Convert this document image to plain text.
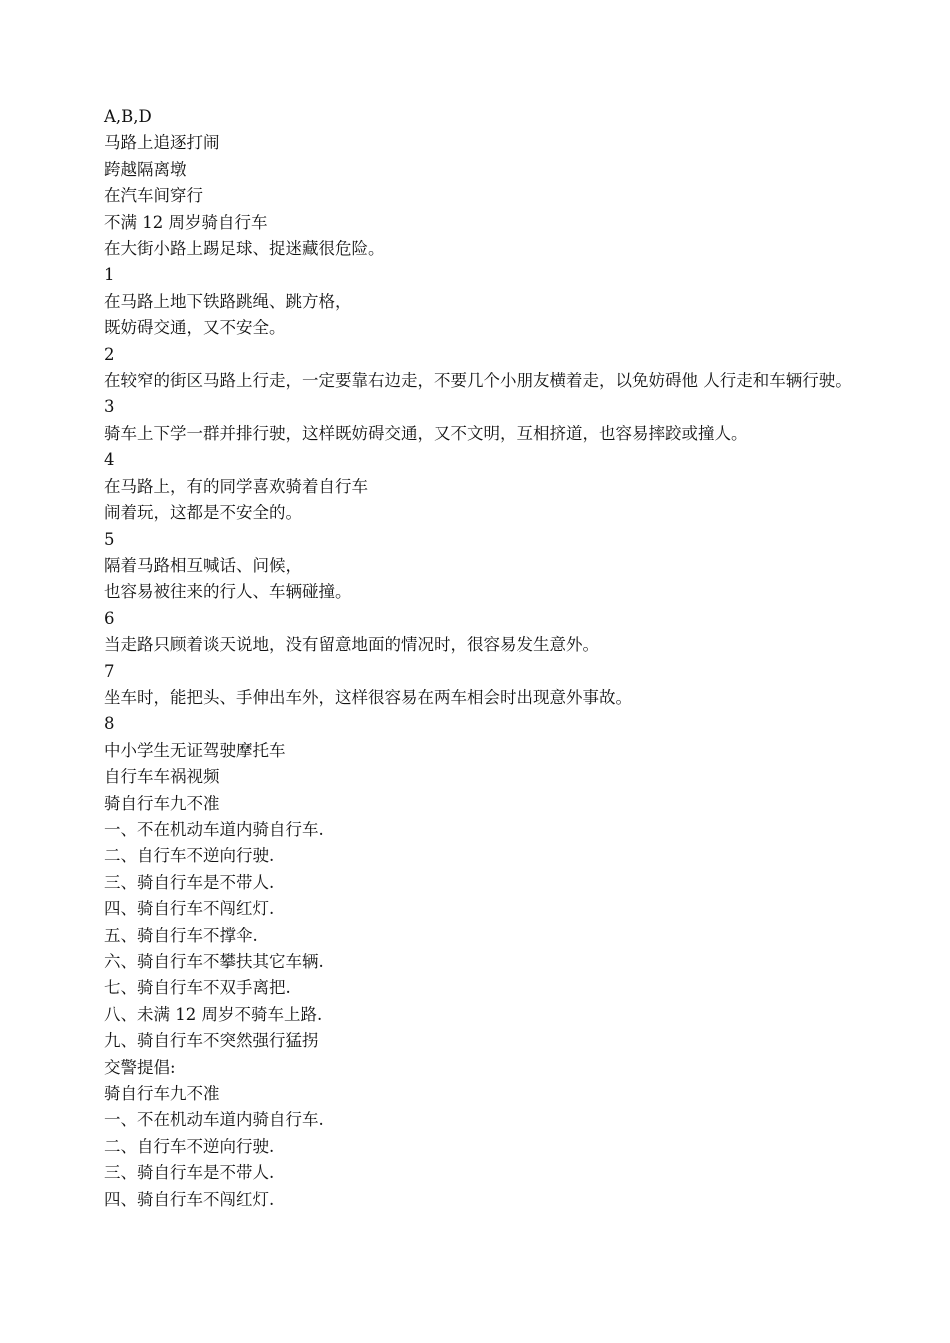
A,B,D
马路上追逐打闹
跨越隔离墩
在汽车间穿行
不满 12 周岁骑自行车
在大街小路上踢足球、捉迷藏很危险。
1
在马路上地下铁路跳绳、跳方格，
既妨碍交通，又不安全。
2
在较窄的街区马路上行走，一定要靠右边走，不要几个小朋友横着走，以免妨碍他 人行走和车辆行驶。
3
骑车上下学一群并排行驶，这样既妨碍交通，又不文明，互相挤道，也容易摔跤或撞人。
4
在马路上，有的同学喜欢骑着自行车
闹着玩，这都是不安全的。
5
隔着马路相互喊话、问候，
也容易被往来的行人、车辆碰撞。
6
当走路只顾着谈天说地，没有留意地面的情况时，很容易发生意外。
7
坐车时，能把头、手伸出车外，这样很容易在两车相会时出现意外事故。
8
中小学生无证驾驶摩托车
自行车车祸视频
骑自行车九不准
一、不在机动车道内骑自行车.
二、自行车不逆向行驶.
三、骑自行车是不带人.
四、骑自行车不闯红灯.
五、骑自行车不撑伞.
六、骑自行车不攀扶其它车辆.
七、骑自行车不双手离把.
八、未满 12 周岁不骑车上路.
九、骑自行车不突然强行猛拐
交警提倡:
骑自行车九不准
一、不在机动车道内骑自行车.
二、自行车不逆向行驶.
三、骑自行车是不带人.
四、骑自行车不闯红灯.
